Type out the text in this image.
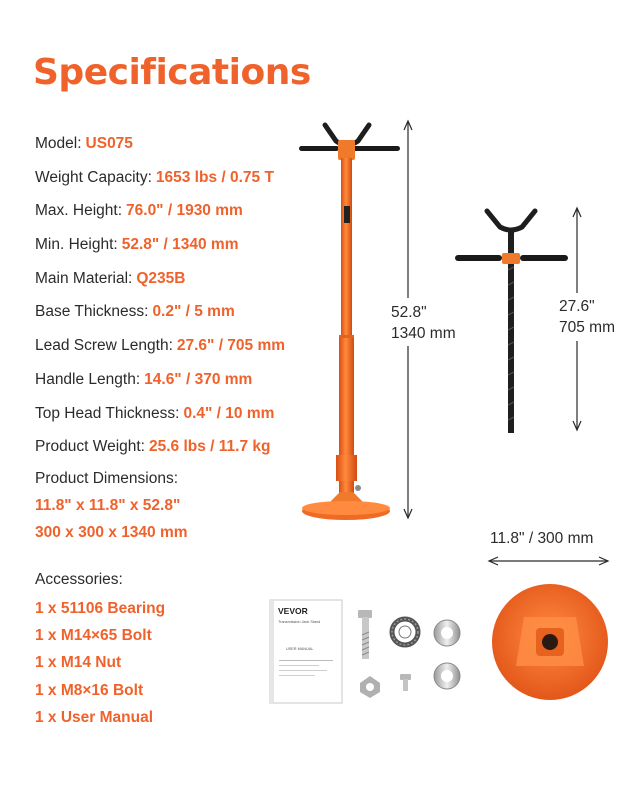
Specifications
Model: US075
Weight Capacity: 1653 lbs / 0.75 T
Max. Height: 76.0" / 1930 mm
Min. Height: 52.8" / 1340 mm
Main Material: Q235B
Base Thickness: 0.2" / 5 mm
Lead Screw Length: 27.6" / 705 mm
Handle Length: 14.6" / 370 mm
Top Head Thickness: 0.4" / 10 mm
Product Weight: 25.6 lbs / 11.7 kg
Product Dimensions:
11.8" x 11.8" x 52.8"
300 x 300 x 1340 mm
Accessories:
1 x 51106 Bearing
1 x M14×65 Bolt
1 x M14 Nut
1 x M8×16 Bolt
1 x User Manual
VEVOR
Transmission Jack Stand
USER MANUAL
52.8"
1340 mm
27.6"
705 mm
11.8" / 300 mm
